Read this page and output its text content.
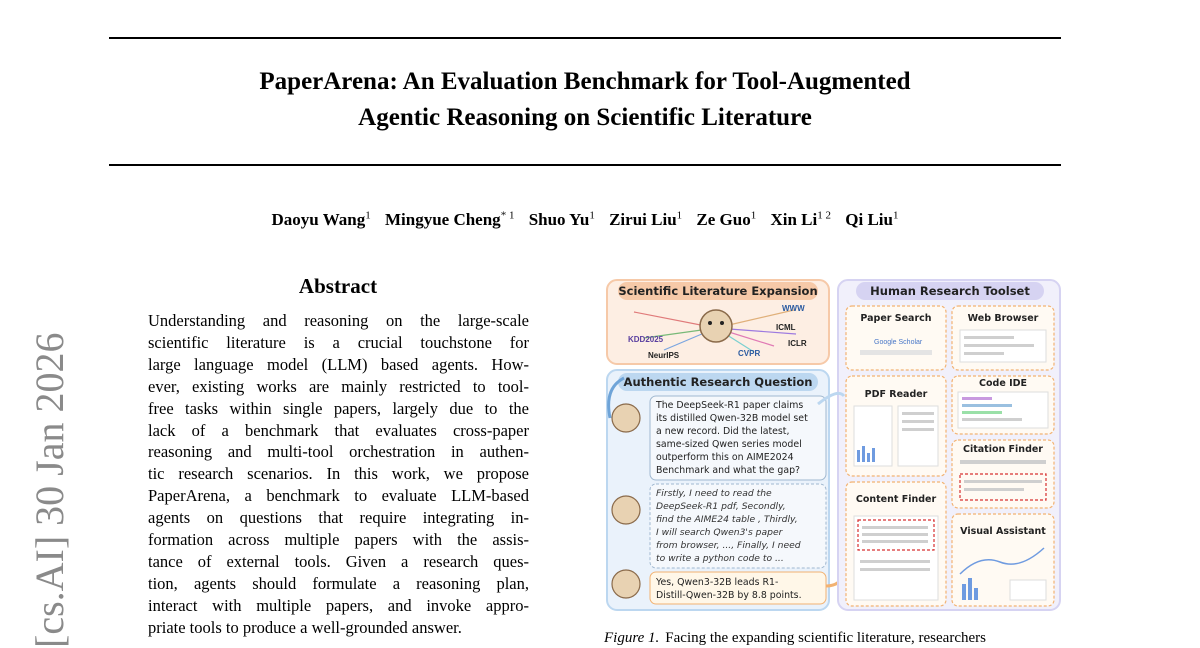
PaperArena: An Evaluation Benchmark for Tool-Augmented
Agentic Reasoning on Scientific Literature
Daoyu Wang$^1$ Mingyue Cheng$^{* 1}$ Shuo Yu$^1$ Zirui Liu$^1$ Ze Guo$^1$ Xin $Li^{1 2}$ Qi Liu$^1$
[cs.AI] 30 Jan 2026
Abstract
Understanding and reasoning on the large-scale
scientific literature is a crucial touchstone for
large language model (LLM) based agents. How-
ever, existing works are mainly restricted to tool-
free tasks within single papers, largely due to the
lack of a benchmark that evaluates cross-paper
reasoning and multi-tool orchestration in authen-
tic research scenarios. In this work, we propose
PaperArena, a benchmark to evaluate LLM-based
agents on questions that require integrating in-
formation across multiple papers with the assis-
tance of external tools. Given a research ques-
tion, agents should formulate a reasoning plan,
interact with multiple papers, and invoke appro-
priate tools to produce a well-grounded answer.
Scientific Literature Expansion
KDD2025
ICML
ICLR
CVPR
NeurIPS
WWW
Authentic Research Question
The DeepSeek-R1 paper claims
its distilled Qwen-32B model set
a new record. Did the latest,
same-sized Qwen series model
outperform this on AIME2024
Benchmark and what the gap?
Firstly, I need to read the
DeepSeek-R1 pdf, Secondly,
find the AIME24 table , Thirdly,
I will search Qwen3's paper
from browser, ..., Finally, I need
to write a python code to ...
Yes, Qwen3-32B leads R1-
Distill-Qwen-32B by 8.8 points.
Human Research Toolset
Paper Search
Google Scholar
Web Browser
PDF Reader
Code IDE
Citation Finder
Content Finder
Visual Assistant
Figure 1. Facing the expanding scientific literature, researchers
